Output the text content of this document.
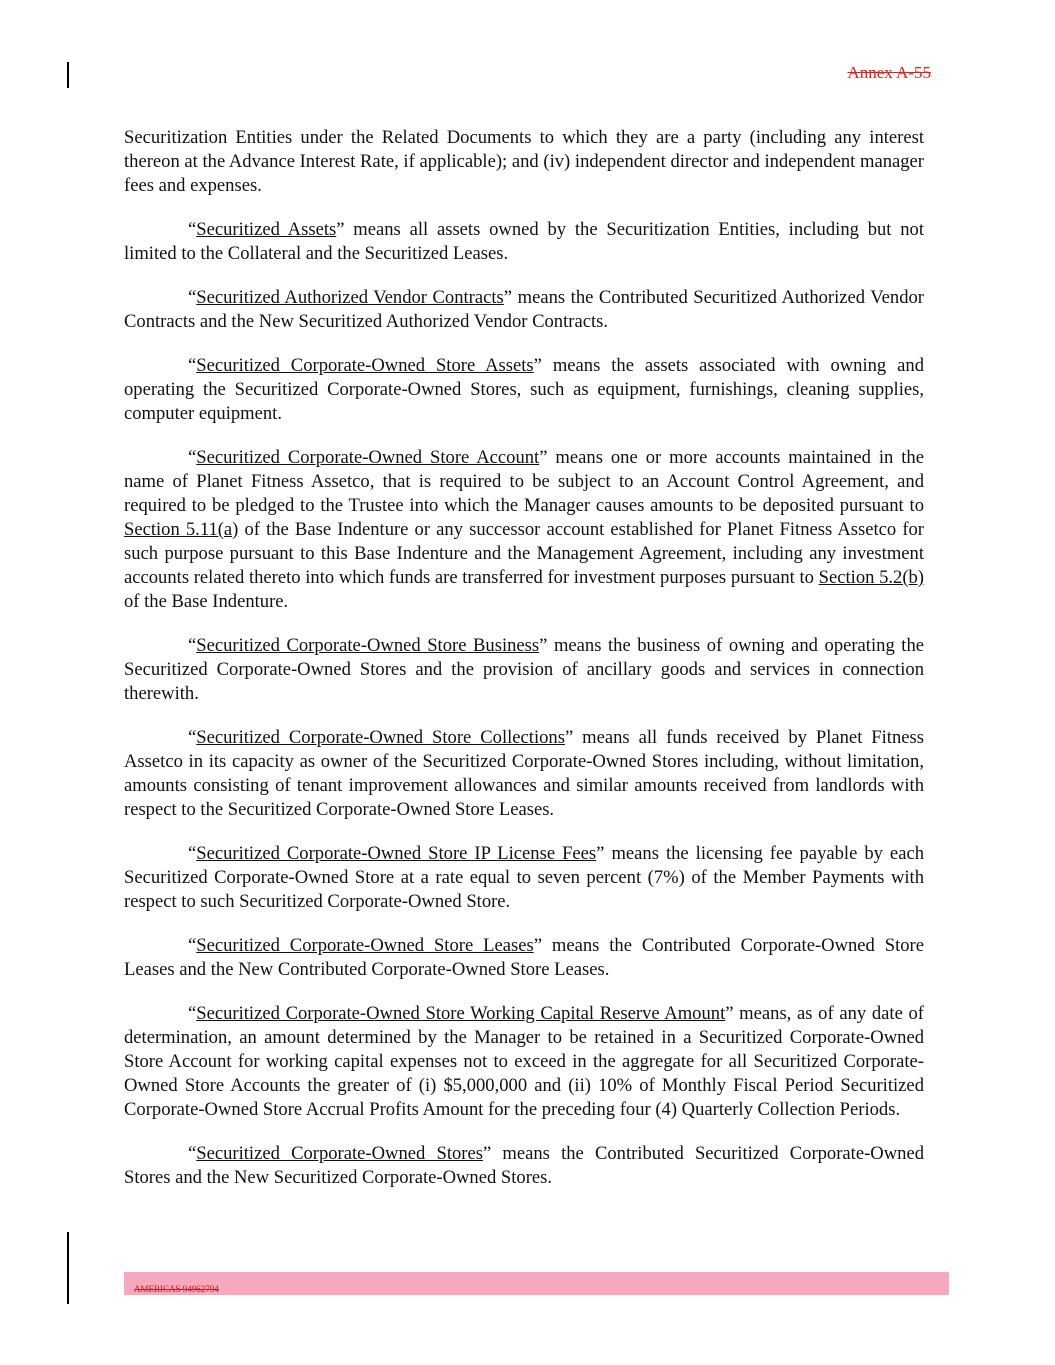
Annex A-55

Securitization Entities under the Related Documents to which they are a party (including any interest thereon at the Advance Interest Rate, if applicable); and (iv) independent director and independent manager fees and expenses.

“Securitized Assets” means all assets owned by the Securitization Entities, including but not limited to the Collateral and the Securitized Leases.

“Securitized Authorized Vendor Contracts” means the Contributed Securitized Authorized Vendor Contracts and the New Securitized Authorized Vendor Contracts.

“Securitized Corporate-Owned Store Assets” means the assets associated with owning and operating the Securitized Corporate-Owned Stores, such as equipment, furnishings, cleaning supplies, computer equipment.

“Securitized Corporate-Owned Store Account” means one or more accounts maintained in the name of Planet Fitness Assetco, that is required to be subject to an Account Control Agreement, and required to be pledged to the Trustee into which the Manager causes amounts to be deposited pursuant to Section 5.11(a) of the Base Indenture or any successor account established for Planet Fitness Assetco for such purpose pursuant to this Base Indenture and the Management Agreement, including any investment accounts related thereto into which funds are transferred for investment purposes pursuant to Section 5.2(b) of the Base Indenture.

“Securitized Corporate-Owned Store Business” means the business of owning and operating the Securitized Corporate-Owned Stores and the provision of ancillary goods and services in connection therewith.

“Securitized Corporate-Owned Store Collections” means all funds received by Planet Fitness Assetco in its capacity as owner of the Securitized Corporate-Owned Stores including, without limitation, amounts consisting of tenant improvement allowances and similar amounts received from landlords with respect to the Securitized Corporate-Owned Store Leases.

“Securitized Corporate-Owned Store IP License Fees” means the licensing fee payable by each Securitized Corporate-Owned Store at a rate equal to seven percent (7%) of the Member Payments with respect to such Securitized Corporate-Owned Store.

“Securitized Corporate-Owned Store Leases” means the Contributed Corporate-Owned Store Leases and the New Contributed Corporate-Owned Store Leases.

“Securitized Corporate-Owned Store Working Capital Reserve Amount” means, as of any date of determination, an amount determined by the Manager to be retained in a Securitized Corporate-Owned Store Account for working capital expenses not to exceed in the aggregate for all Securitized Corporate-Owned Store Accounts the greater of (i) $5,000,000 and (ii) 10% of Monthly Fiscal Period Securitized Corporate-Owned Store Accrual Profits Amount for the preceding four (4) Quarterly Collection Periods.

“Securitized Corporate-Owned Stores” means the Contributed Securitized Corporate-Owned Stores and the New Securitized Corporate-Owned Stores.

AMERICAS 94962794
